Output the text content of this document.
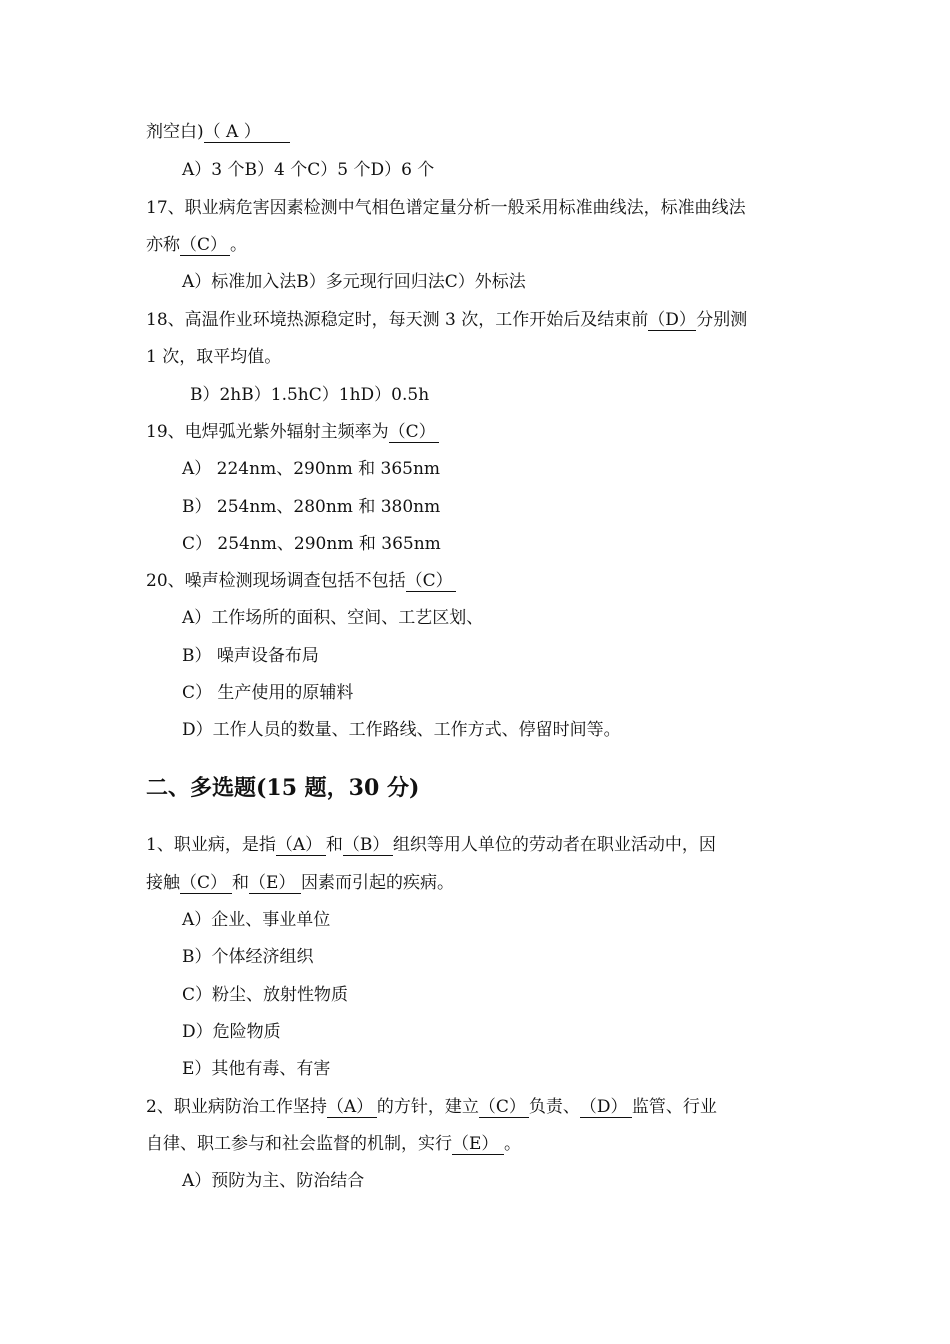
剂空白)（ A ）
A）3 个B）4 个C）5 个D）6 个
17、职业病危害因素检测中气相色谱定量分析一般采用标准曲线法，标准曲线法
亦称（C） 。
A）标准加入法B）多元现行回归法C）外标法
18、高温作业环境热源稳定时，每天测 3 次，工作开始后及结束前（D）分别测
1 次，取平均值。
B）2hB）1.5hC）1hD）0.5h
19、电焊弧光紫外辐射主频率为（C）
A） 224nm、290nm 和 365nm
B） 254nm、280nm 和 380nm
C） 254nm、290nm 和 365nm
20、噪声检测现场调查包括不包括（C）
A）工作场所的面积、空间、工艺区划、
B） 噪声设备布局
C） 生产使用的原辅料
D）工作人员的数量、工作路线、工作方式、停留时间等。
二、多选题(15 题，30 分)
1、职业病，是指（A） 和（B） 组织等用人单位的劳动者在职业活动中，因
接触（C） 和（E） 因素而引起的疾病。
A）企业、事业单位
B）个体经济组织
C）粉尘、放射性物质
D）危险物质
E）其他有毒、有害
2、职业病防治工作坚持（A） 的方针，建立（C） 负责、（D） 监管、行业
自律、职工参与和社会监督的机制，实行（E） 。
A）预防为主、防治结合
